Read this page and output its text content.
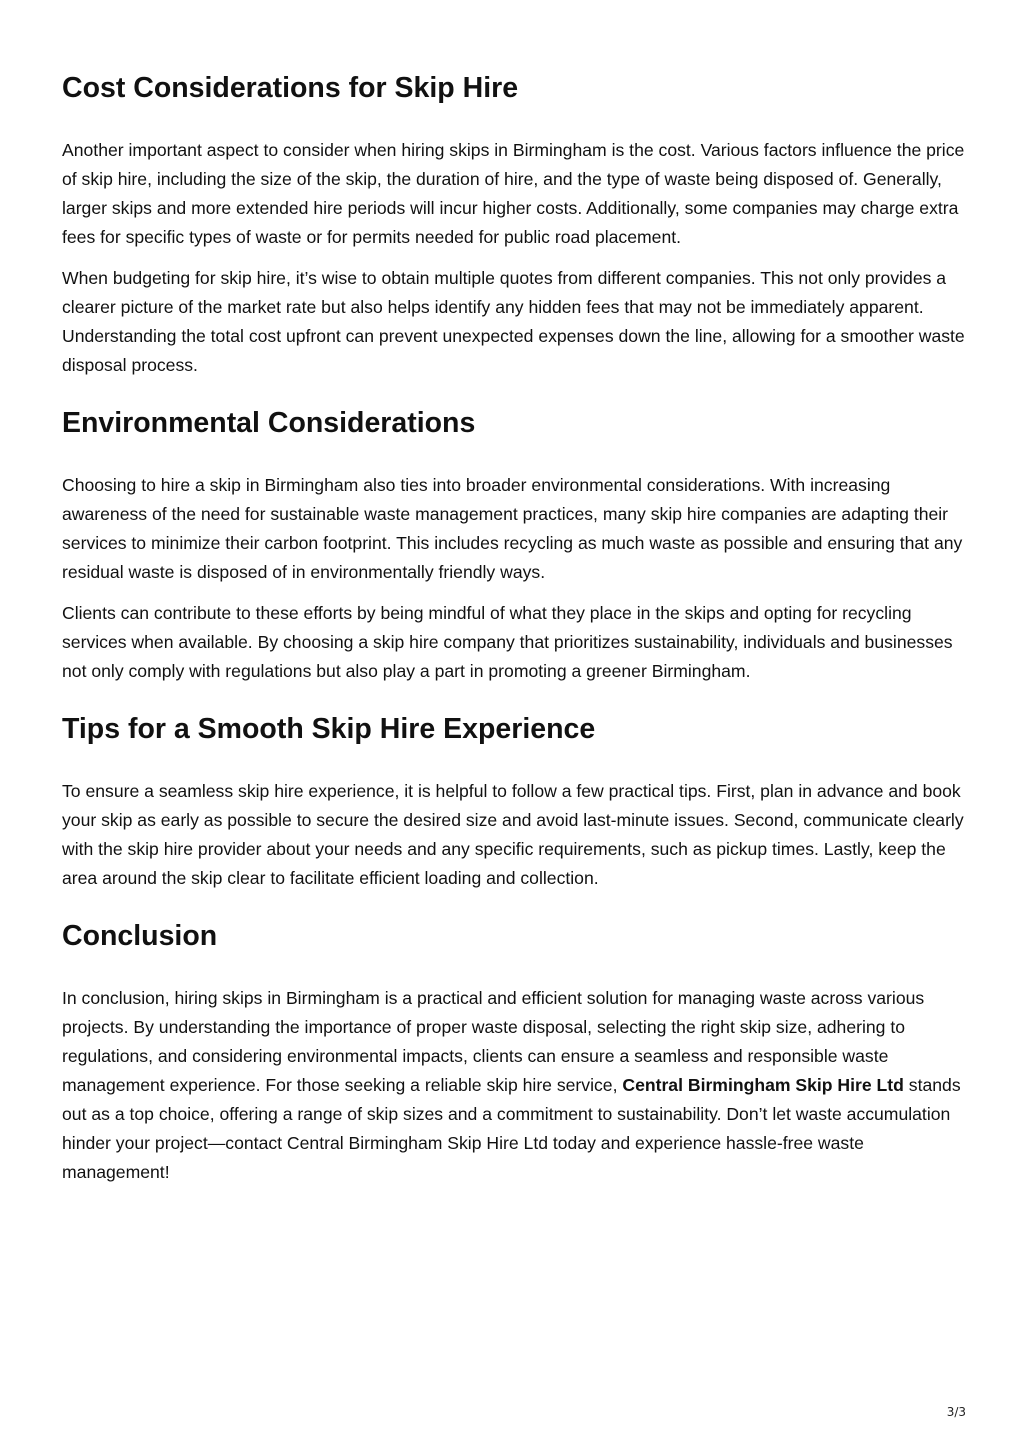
Cost Considerations for Skip Hire

Another important aspect to consider when hiring skips in Birmingham is the cost. Various factors influence the price of skip hire, including the size of the skip, the duration of hire, and the type of waste being disposed of. Generally, larger skips and more extended hire periods will incur higher costs. Additionally, some companies may charge extra fees for specific types of waste or for permits needed for public road placement.

When budgeting for skip hire, it’s wise to obtain multiple quotes from different companies. This not only provides a clearer picture of the market rate but also helps identify any hidden fees that may not be immediately apparent. Understanding the total cost upfront can prevent unexpected expenses down the line, allowing for a smoother waste disposal process.

Environmental Considerations

Choosing to hire a skip in Birmingham also ties into broader environmental considerations. With increasing awareness of the need for sustainable waste management practices, many skip hire companies are adapting their services to minimize their carbon footprint. This includes recycling as much waste as possible and ensuring that any residual waste is disposed of in environmentally friendly ways.

Clients can contribute to these efforts by being mindful of what they place in the skips and opting for recycling services when available. By choosing a skip hire company that prioritizes sustainability, individuals and businesses not only comply with regulations but also play a part in promoting a greener Birmingham.

Tips for a Smooth Skip Hire Experience

To ensure a seamless skip hire experience, it is helpful to follow a few practical tips. First, plan in advance and book your skip as early as possible to secure the desired size and avoid last-minute issues. Second, communicate clearly with the skip hire provider about your needs and any specific requirements, such as pickup times. Lastly, keep the area around the skip clear to facilitate efficient loading and collection.

Conclusion

In conclusion, hiring skips in Birmingham is a practical and efficient solution for managing waste across various projects. By understanding the importance of proper waste disposal, selecting the right skip size, adhering to regulations, and considering environmental impacts, clients can ensure a seamless and responsible waste management experience. For those seeking a reliable skip hire service, Central Birmingham Skip Hire Ltd stands out as a top choice, offering a range of skip sizes and a commitment to sustainability. Don’t let waste accumulation hinder your project—contact Central Birmingham Skip Hire Ltd today and experience hassle-free waste management!

3/3
